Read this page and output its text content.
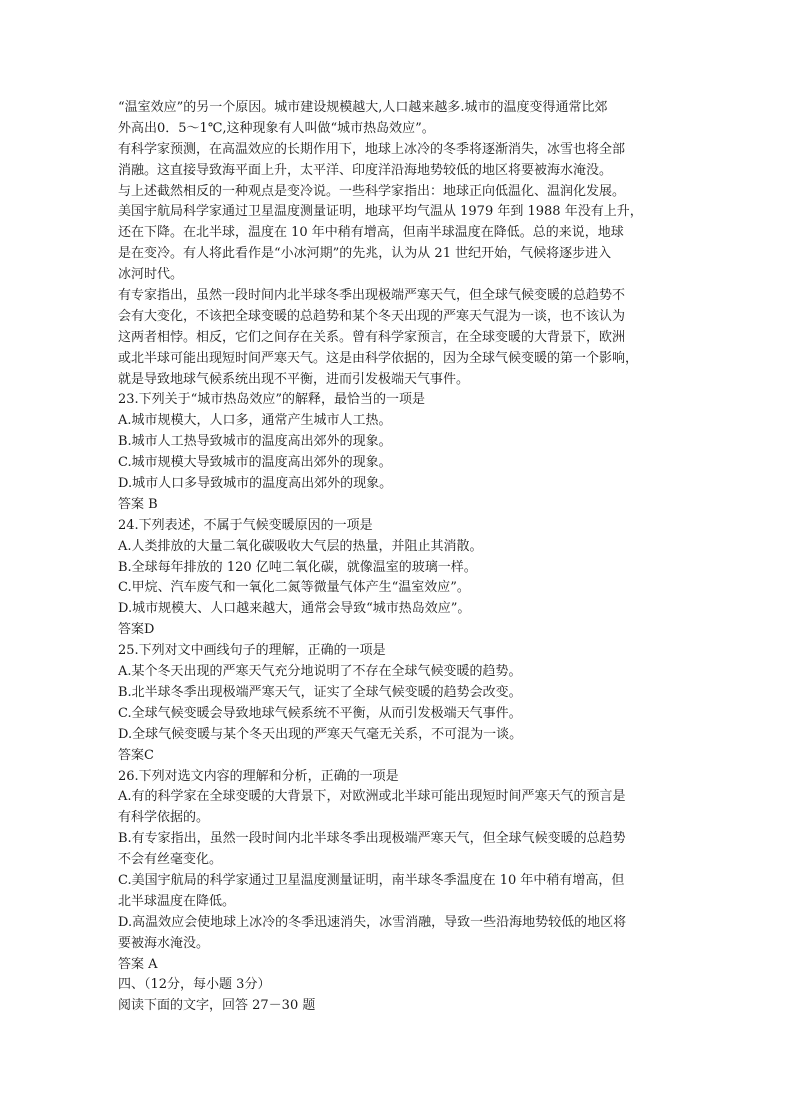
“温室效应”的另一个原因。城市建设规模越大,人口越来越多.城市的温度变得通常比郊
外高出0．5～1℃,这种现象有人叫做“城市热岛效应”。
有科学家预测，在高温效应的长期作用下，地球上冰冷的冬季将逐渐消失，冰雪也将全部
消融。这直接导致海平面上升，太平洋、印度洋沿海地势较低的地区将要被海水淹没。
与上述截然相反的一种观点是变冷说。一些科学家指出：地球正向低温化、温润化发展。
美国宇航局科学家通过卫星温度测量证明，地球平均气温从 1979 年到 1988 年没有上升，
还在下降。在北半球，温度在 10 年中稍有增高，但南半球温度在降低。总的来说，地球
是在变冷。有人将此看作是“小冰河期”的先兆，认为从 21 世纪开始，气候将逐步进入
冰河时代。
有专家指出，虽然一段时间内北半球冬季出现极端严寒天气，但全球气候变暖的总趋势不
会有大变化，不该把全球变暖的总趋势和某个冬天出现的严寒天气混为一谈，也不该认为
这两者相悖。相反，它们之间存在关系。曾有科学家预言，在全球变暖的大背景下，欧洲
或北半球可能出现短时间严寒天气。这是由科学依据的，因为全球气候变暖的第一个影响，
就是导致地球气候系统出现不平衡，进而引发极端天气事件。
23.下列关于“城市热岛效应”的解释，最恰当的一项是
A.城市规模大，人口多，通常产生城市人工热。
B.城市人工热导致城市的温度高出郊外的现象。
C.城市规模大导致城市的温度高出郊外的现象。
D.城市人口多导致城市的温度高出郊外的现象。
答案 B
24.下列表述，不属于气候变暖原因的一项是
A.人类排放的大量二氧化碳吸收大气层的热量，并阻止其消散。
B.全球每年排放的 120 亿吨二氧化碳，就像温室的玻璃一样。
C.甲烷、汽车废气和一氧化二氮等微量气体产生“温室效应”。
D.城市规模大、人口越来越大，通常会导致“城市热岛效应”。
答案D
25.下列对文中画线句子的理解，正确的一项是
A.某个冬天出现的严寒天气充分地说明了不存在全球气候变暖的趋势。
B.北半球冬季出现极端严寒天气，证实了全球气候变暖的趋势会改变。
C.全球气候变暖会导致地球气候系统不平衡，从而引发极端天气事件。
D.全球气候变暖与某个冬天出现的严寒天气毫无关系，不可混为一谈。
答案C
26.下列对选文内容的理解和分析，正确的一项是
A.有的科学家在全球变暖的大背景下，对欧洲或北半球可能出现短时间严寒天气的预言是
有科学依据的。
B.有专家指出，虽然一段时间内北半球冬季出现极端严寒天气，但全球气候变暖的总趋势
不会有丝毫变化。
C.美国宇航局的科学家通过卫星温度测量证明，南半球冬季温度在 10 年中稍有增高，但
北半球温度在降低。
D.高温效应会使地球上冰冷的冬季迅速消失，冰雪消融，导致一些沿海地势较低的地区将
要被海水淹没。
答案 A
四、（12分，每小题 3分）
阅读下面的文字，回答 27－30 题
